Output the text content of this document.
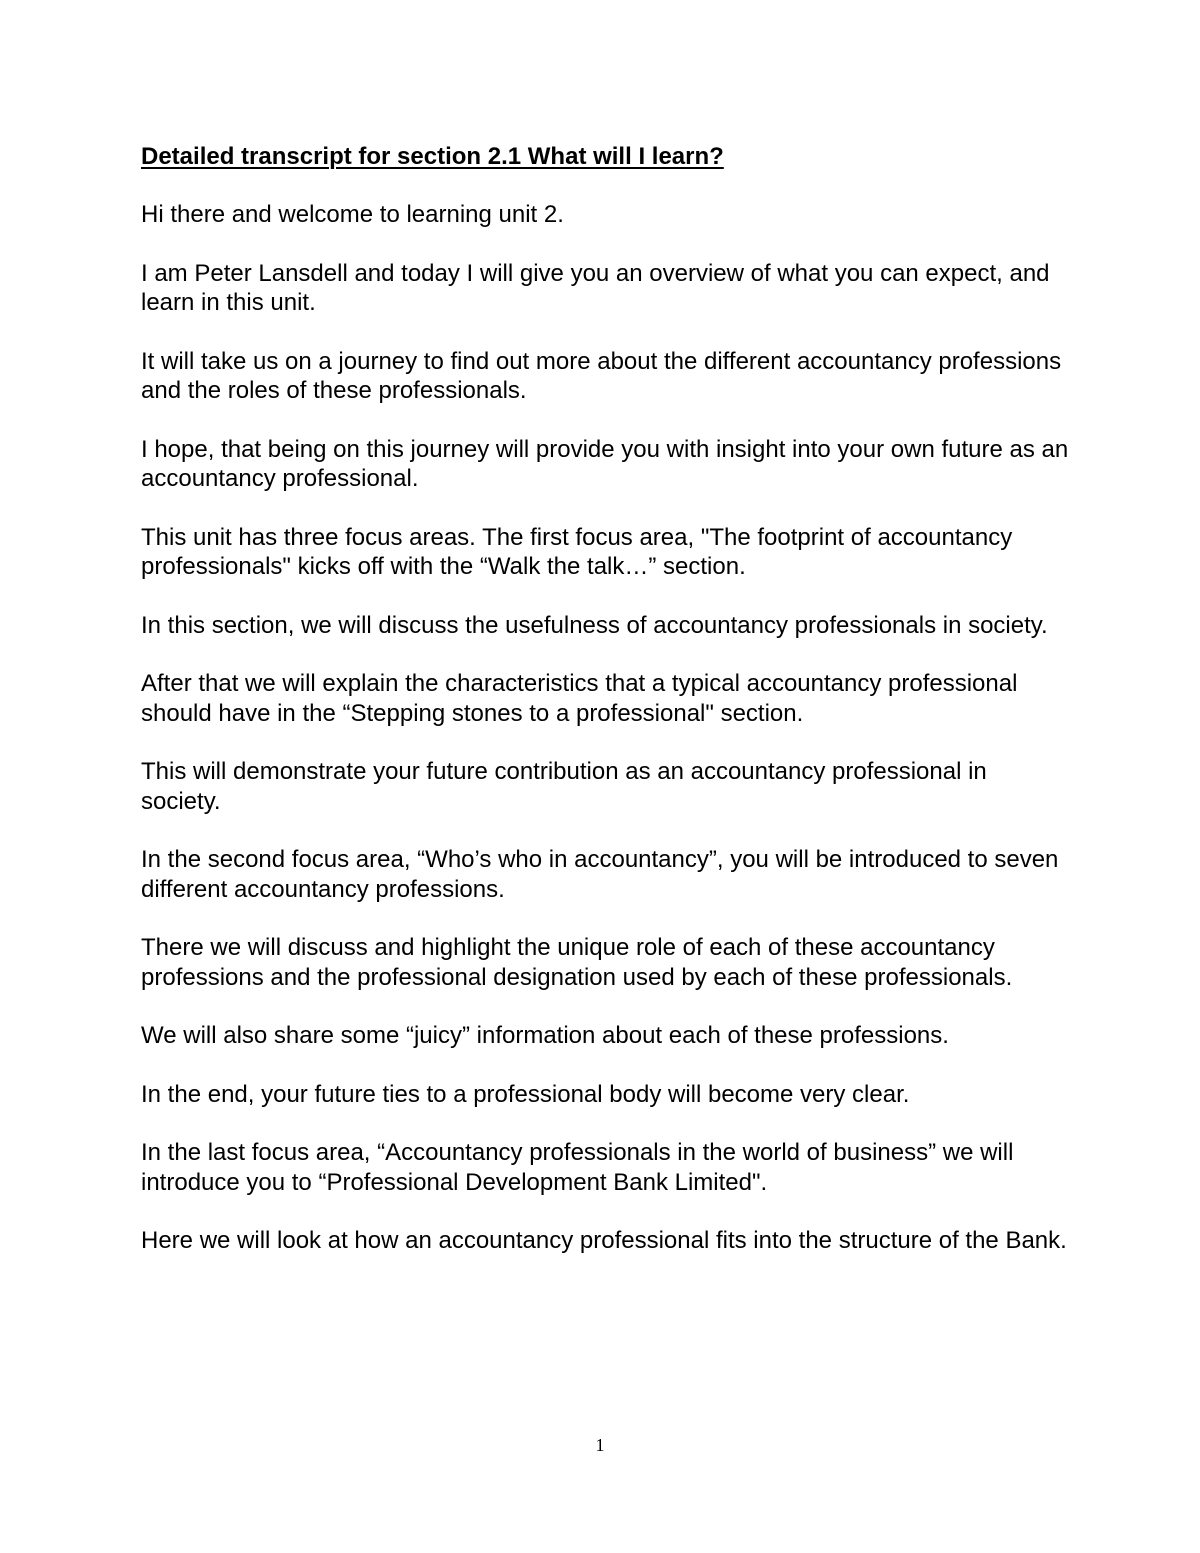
Detailed transcript for section 2.1 What will I learn?

Hi there and welcome to learning unit 2.

I am Peter Lansdell and today I will give you an overview of what you can expect, and learn in this unit.

It will take us on a journey to find out more about the different accountancy professions and the roles of these professionals.

I hope, that being on this journey will provide you with insight into your own future as an accountancy professional.

This unit has three focus areas. The first focus area, "The footprint of accountancy professionals" kicks off with the “Walk the talk…” section.

In this section, we will discuss the usefulness of accountancy professionals in society.

After that we will explain the characteristics that a typical accountancy professional should have in the “Stepping stones to a professional" section.

This will demonstrate your future contribution as an accountancy professional in society.

In the second focus area, “Who’s who in accountancy”, you will be introduced to seven different accountancy professions.

There we will discuss and highlight the unique role of each of these accountancy professions and the professional designation used by each of these professionals.

We will also share some “juicy” information about each of these professions.

In the end, your future ties to a professional body will become very clear.

In the last focus area, “Accountancy professionals in the world of business” we will introduce you to “Professional Development Bank Limited".

Here we will look at how an accountancy professional fits into the structure of the Bank.

1
